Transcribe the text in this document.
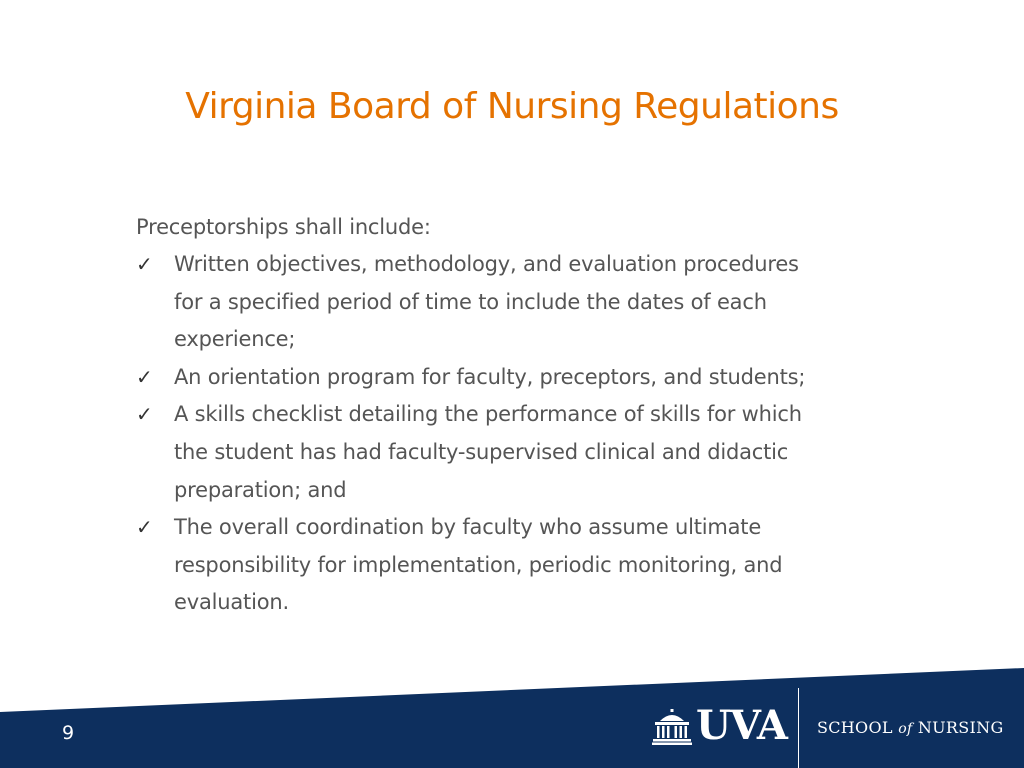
Virginia Board of Nursing Regulations

Preceptorships shall include:

✓ Written objectives, methodology, and evaluation procedures
for a specified period of time to include the dates of each
experience;
✓ An orientation program for faculty, preceptors, and students;
✓ A skills checklist detailing the performance of skills for which
the student has had faculty-supervised clinical and didactic
preparation; and
✓ The overall coordination by faculty who assume ultimate
responsibility for implementation, periodic monitoring, and
evaluation.
9	UVA SCHOOL of NURSING
